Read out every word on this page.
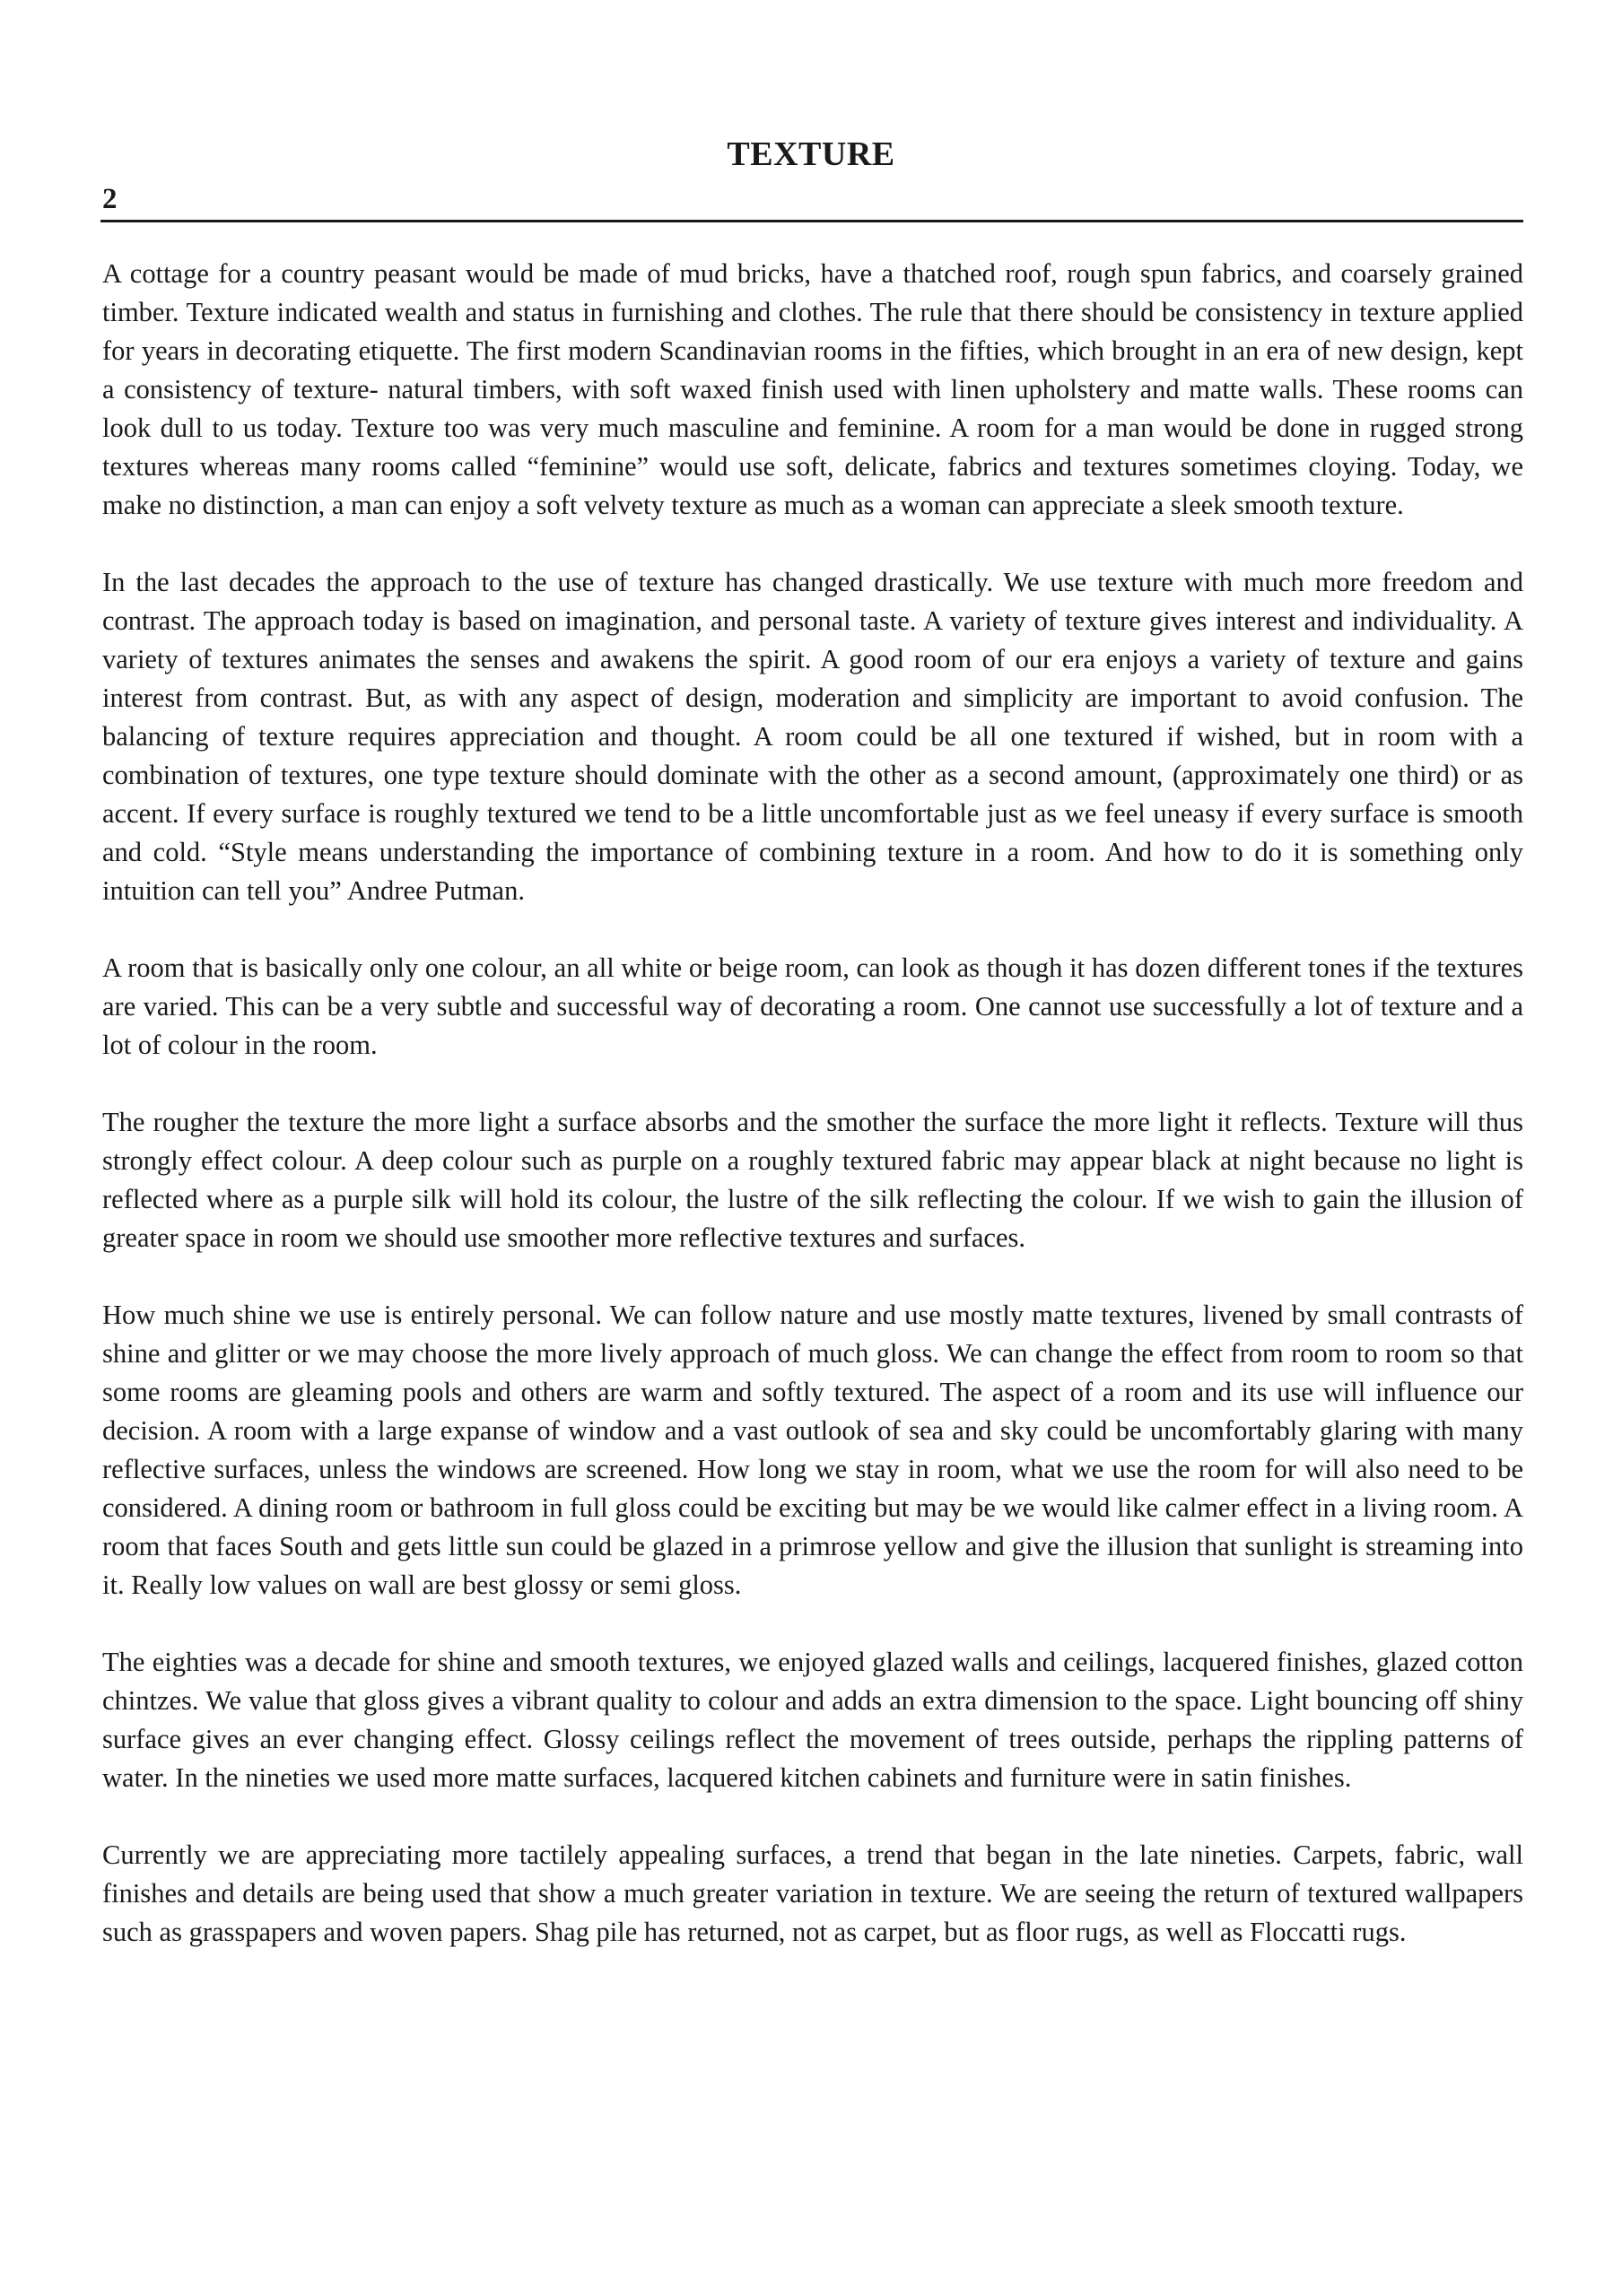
TEXTURE
2

A cottage for a country peasant would be made of mud bricks, have a thatched roof, rough spun fabrics, and coarsely grained timber. Texture indicated wealth and status in furnishing and clothes. The rule that there should be consistency in texture applied for years in decorating etiquette. The first modern Scandinavian rooms in the fifties, which brought in an era of new design, kept a consistency of texture- natural timbers, with soft waxed finish used with linen upholstery and matte walls. These rooms can look dull to us today. Texture too was very much masculine and feminine. A room for a man would be done in rugged strong textures whereas many rooms called “feminine” would use soft, delicate, fabrics and textures sometimes cloying. Today, we make no distinction, a man can enjoy a soft velvety texture as much as a woman can appreciate a sleek smooth texture.

In the last decades the approach to the use of texture has changed drastically. We use texture with much more freedom and contrast. The approach today is based on imagination, and personal taste. A variety of texture gives interest and individuality. A variety of textures animates the senses and awakens the spirit. A good room of our era enjoys a variety of texture and gains interest from contrast. But, as with any aspect of design, moderation and simplicity are important to avoid confusion. The balancing of texture requires appreciation and thought. A room could be all one textured if wished, but in room with a combination of textures, one type texture should dominate with the other as a second amount, (approximately one third) or as accent. If every surface is roughly textured we tend to be a little uncomfortable just as we feel uneasy if every surface is smooth and cold. “Style means understanding the importance of combining texture in a room. And how to do it is something only intuition can tell you” Andree Putman.

A room that is basically only one colour, an all white or beige room, can look as though it has dozen different tones if the textures are varied. This can be a very subtle and successful way of decorating a room. One cannot use successfully a lot of texture and a lot of colour in the room.

The rougher the texture the more light a surface absorbs and the smother the surface the more light it reflects. Texture will thus strongly effect colour. A deep colour such as purple on a roughly textured fabric may appear black at night because no light is reflected where as a purple silk will hold its colour, the lustre of the silk reflecting the colour. If we wish to gain the illusion of greater space in room we should use smoother more reflective textures and surfaces.

How much shine we use is entirely personal. We can follow nature and use mostly matte textures, livened by small contrasts of shine and glitter or we may choose the more lively approach of much gloss. We can change the effect from room to room so that some rooms are gleaming pools and others are warm and softly textured. The aspect of a room and its use will influence our decision. A room with a large expanse of window and a vast outlook of sea and sky could be uncomfortably glaring with many reflective surfaces, unless the windows are screened. How long we stay in room, what we use the room for will also need to be considered. A dining room or bathroom in full gloss could be exciting but may be we would like calmer effect in a living room. A room that faces South and gets little sun could be glazed in a primrose yellow and give the illusion that sunlight is streaming into it. Really low values on wall are best glossy or semi gloss.

The eighties was a decade for shine and smooth textures, we enjoyed glazed walls and ceilings, lacquered finishes, glazed cotton chintzes. We value that gloss gives a vibrant quality to colour and adds an extra dimension to the space. Light bouncing off shiny surface gives an ever changing effect. Glossy ceilings reflect the movement of trees outside, perhaps the rippling patterns of water. In the nineties we used more matte surfaces, lacquered kitchen cabinets and furniture were in satin finishes.

Currently we are appreciating more tactilely appealing surfaces, a trend that began in the late nineties. Carpets, fabric, wall finishes and details are being used that show a much greater variation in texture. We are seeing the return of textured wallpapers such as grasspapers and woven papers. Shag pile has returned, not as carpet, but as floor rugs, as well as Floccatti rugs.
